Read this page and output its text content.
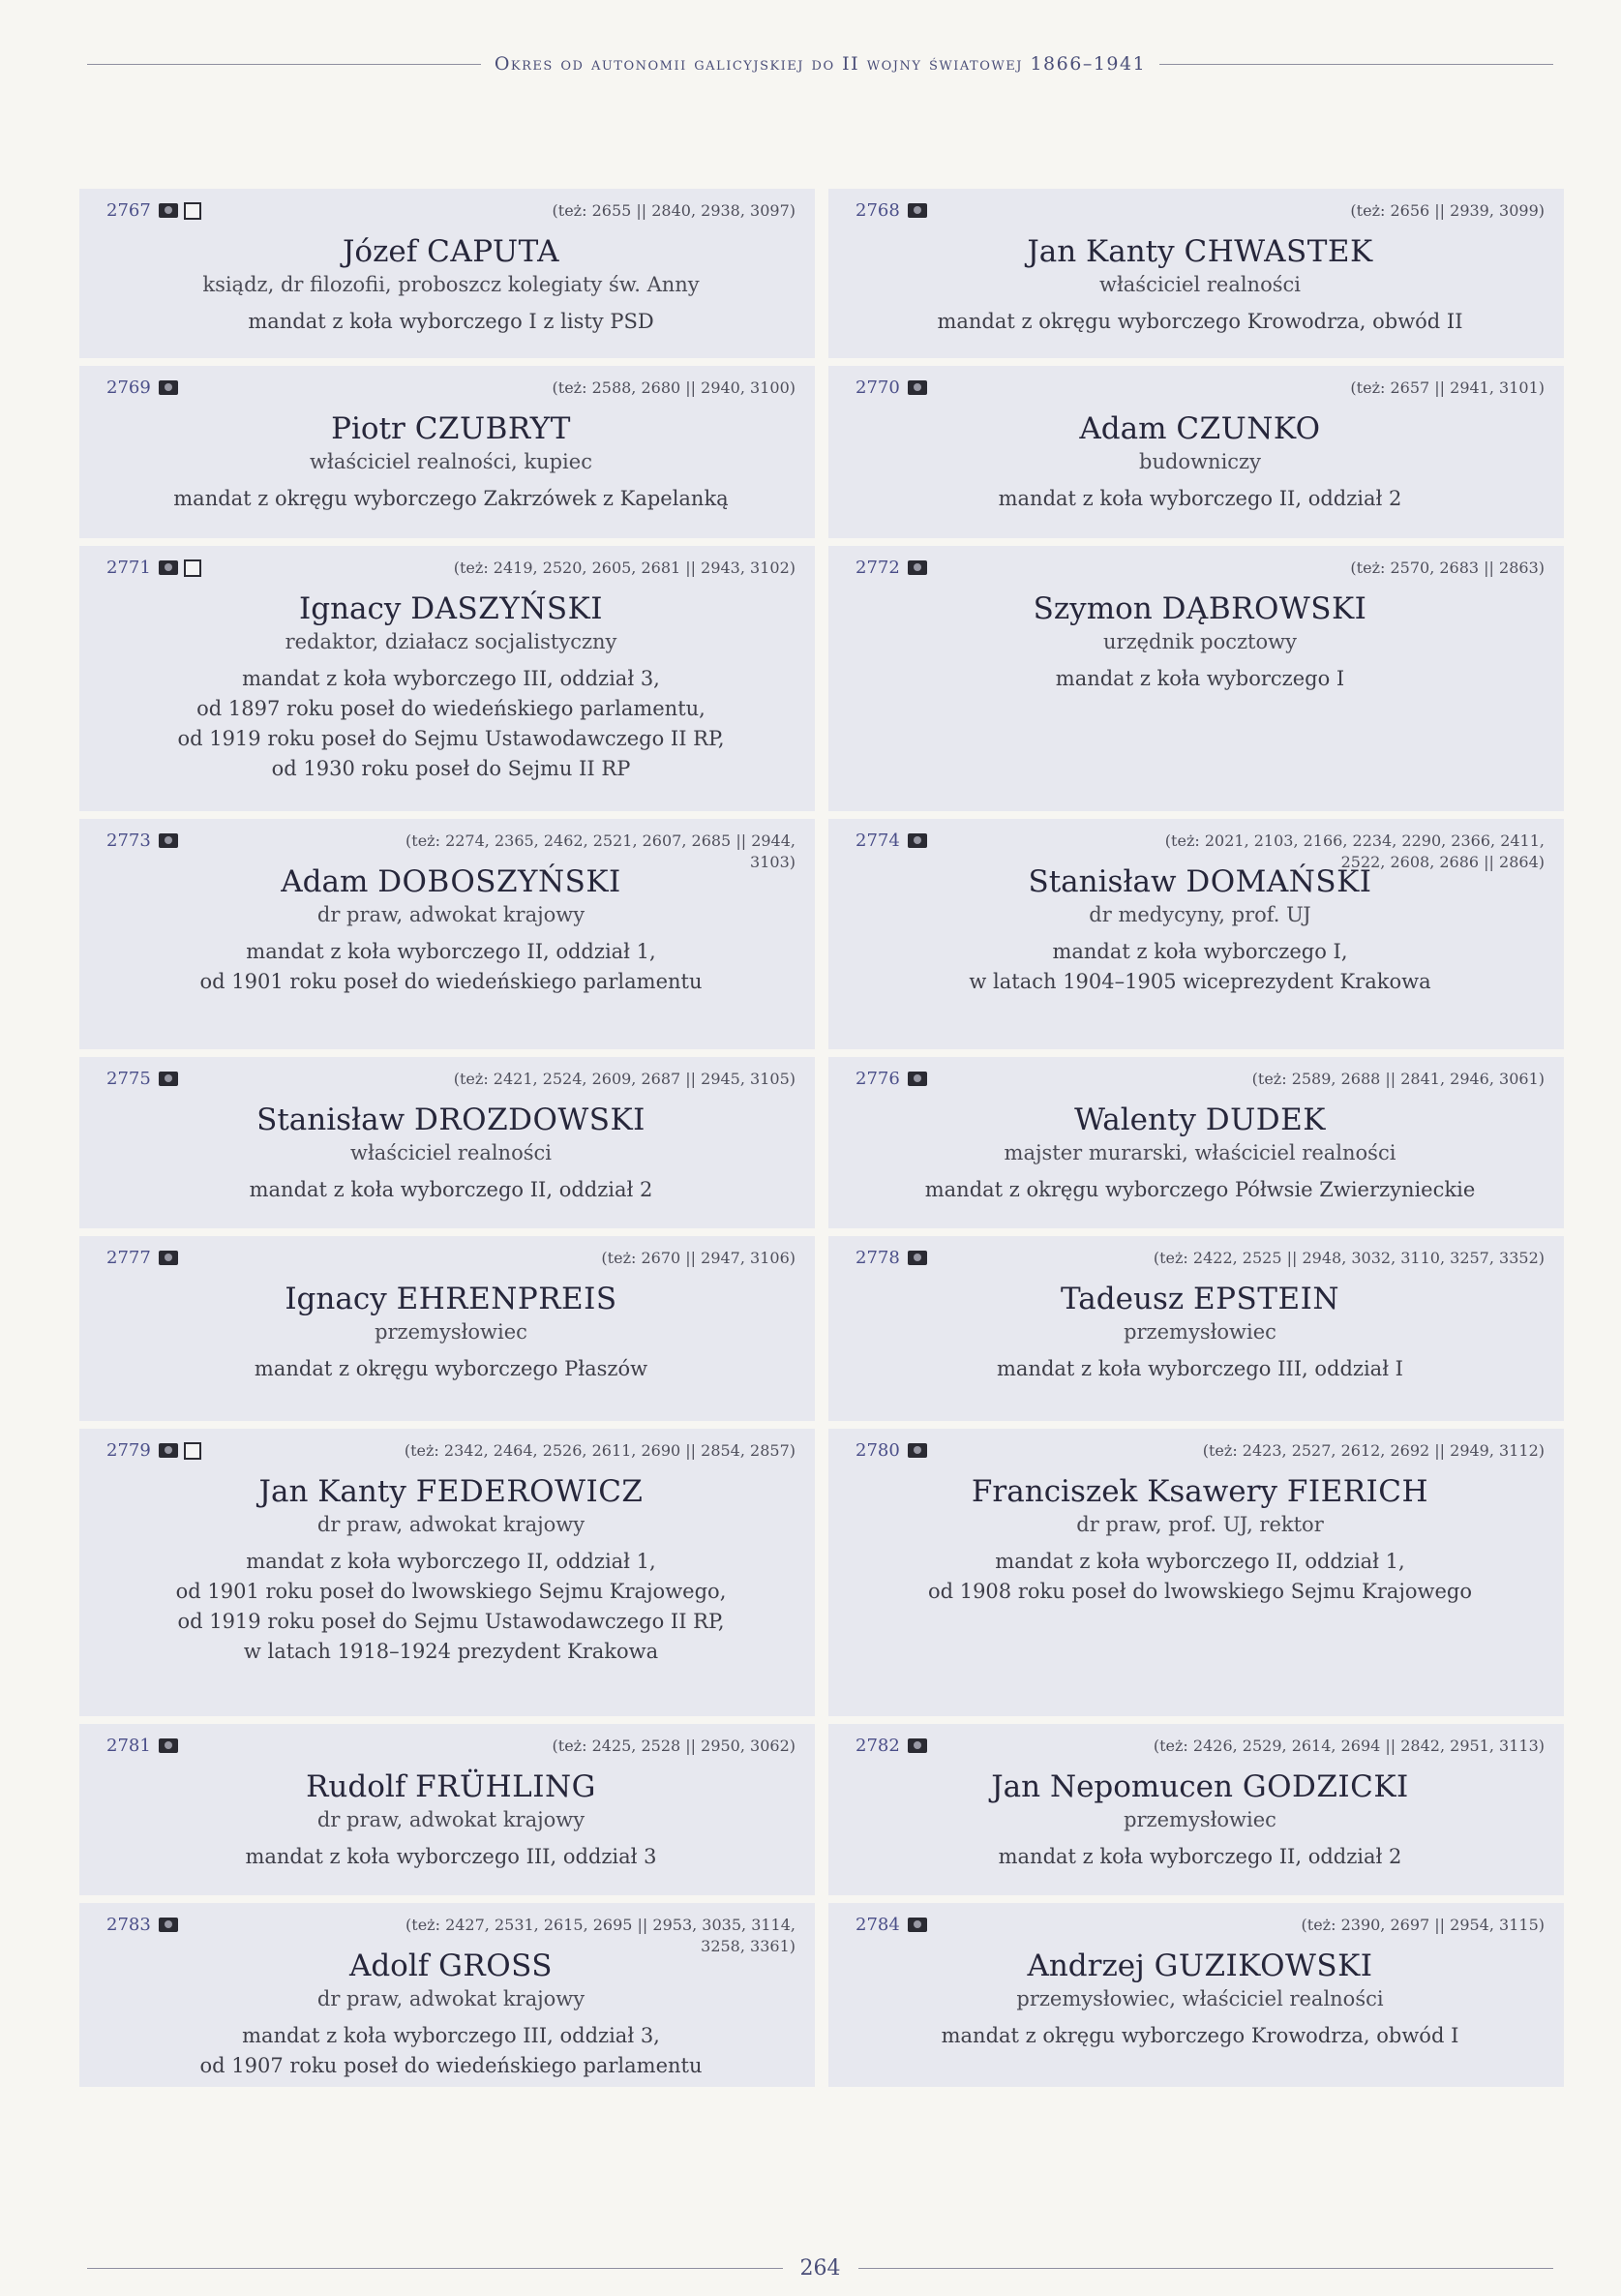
Okres od autonomii galicyjskiej do II wojny światowej 1866–1941
2767	(też: 2655 || 2840, 2938, 3097)
Józef CAPUTA
ksiądz, dr filozofii, proboszcz kolegiaty św. Anny
mandat z koła wyborczego I z listy PSD
2768	(też: 2656 || 2939, 3099)
Jan Kanty CHWASTEK
właściciel realności
mandat z okręgu wyborczego Krowodrza, obwód II
2769	(też: 2588, 2680 || 2940, 3100)
Piotr CZUBRYT
właściciel realności, kupiec
mandat z okręgu wyborczego Zakrzówek z Kapelanką
2770	(też: 2657 || 2941, 3101)
Adam CZUNKO
budowniczy
mandat z koła wyborczego II, oddział 2
2771	(też: 2419, 2520, 2605, 2681 || 2943, 3102)
Ignacy DASZYŃSKI
redaktor, działacz socjalistyczny
mandat z koła wyborczego III, oddział 3,
od 1897 roku poseł do wiedeńskiego parlamentu,
od 1919 roku poseł do Sejmu Ustawodawczego II RP,
od 1930 roku poseł do Sejmu II RP
2772	(też: 2570, 2683 || 2863)
Szymon DĄBROWSKI
urzędnik pocztowy
mandat z koła wyborczego I
2773	(też: 2274, 2365, 2462, 2521, 2607, 2685 || 2944, 3103)
Adam DOBOSZYŃSKI
dr praw, adwokat krajowy
mandat z koła wyborczego II, oddział 1,
od 1901 roku poseł do wiedeńskiego parlamentu
2774	(też: 2021, 2103, 2166, 2234, 2290, 2366, 2411, 2522, 2608, 2686 || 2864)
Stanisław DOMAŃSKI
dr medycyny, prof. UJ
mandat z koła wyborczego I,
w latach 1904–1905 wiceprezydent Krakowa
2775	(też: 2421, 2524, 2609, 2687 || 2945, 3105)
Stanisław DROZDOWSKI
właściciel realności
mandat z koła wyborczego II, oddział 2
2776	(też: 2589, 2688 || 2841, 2946, 3061)
Walenty DUDEK
majster murarski, właściciel realności
mandat z okręgu wyborczego Półwsie Zwierzynieckie
2777	(też: 2670 || 2947, 3106)
Ignacy EHRENPREIS
przemysłowiec
mandat z okręgu wyborczego Płaszów
2778	(też: 2422, 2525 || 2948, 3032, 3110, 3257, 3352)
Tadeusz EPSTEIN
przemysłowiec
mandat z koła wyborczego III, oddział I
2779	(też: 2342, 2464, 2526, 2611, 2690 || 2854, 2857)
Jan Kanty FEDEROWICZ
dr praw, adwokat krajowy
mandat z koła wyborczego II, oddział 1,
od 1901 roku poseł do lwowskiego Sejmu Krajowego,
od 1919 roku poseł do Sejmu Ustawodawczego II RP,
w latach 1918–1924 prezydent Krakowa
2780	(też: 2423, 2527, 2612, 2692 || 2949, 3112)
Franciszek Ksawery FIERICH
dr praw, prof. UJ, rektor
mandat z koła wyborczego II, oddział 1,
od 1908 roku poseł do lwowskiego Sejmu Krajowego
2781	(też: 2425, 2528 || 2950, 3062)
Rudolf FRÜHLING
dr praw, adwokat krajowy
mandat z koła wyborczego III, oddział 3
2782	(też: 2426, 2529, 2614, 2694 || 2842, 2951, 3113)
Jan Nepomucen GODZICKI
przemysłowiec
mandat z koła wyborczego II, oddział 2
2783	(też: 2427, 2531, 2615, 2695 || 2953, 3035, 3114, 3258, 3361)
Adolf GROSS
dr praw, adwokat krajowy
mandat z koła wyborczego III, oddział 3,
od 1907 roku poseł do wiedeńskiego parlamentu
2784	(też: 2390, 2697 || 2954, 3115)
Andrzej GUZIKOWSKI
przemysłowiec, właściciel realności
mandat z okręgu wyborczego Krowodrza, obwód I
264
